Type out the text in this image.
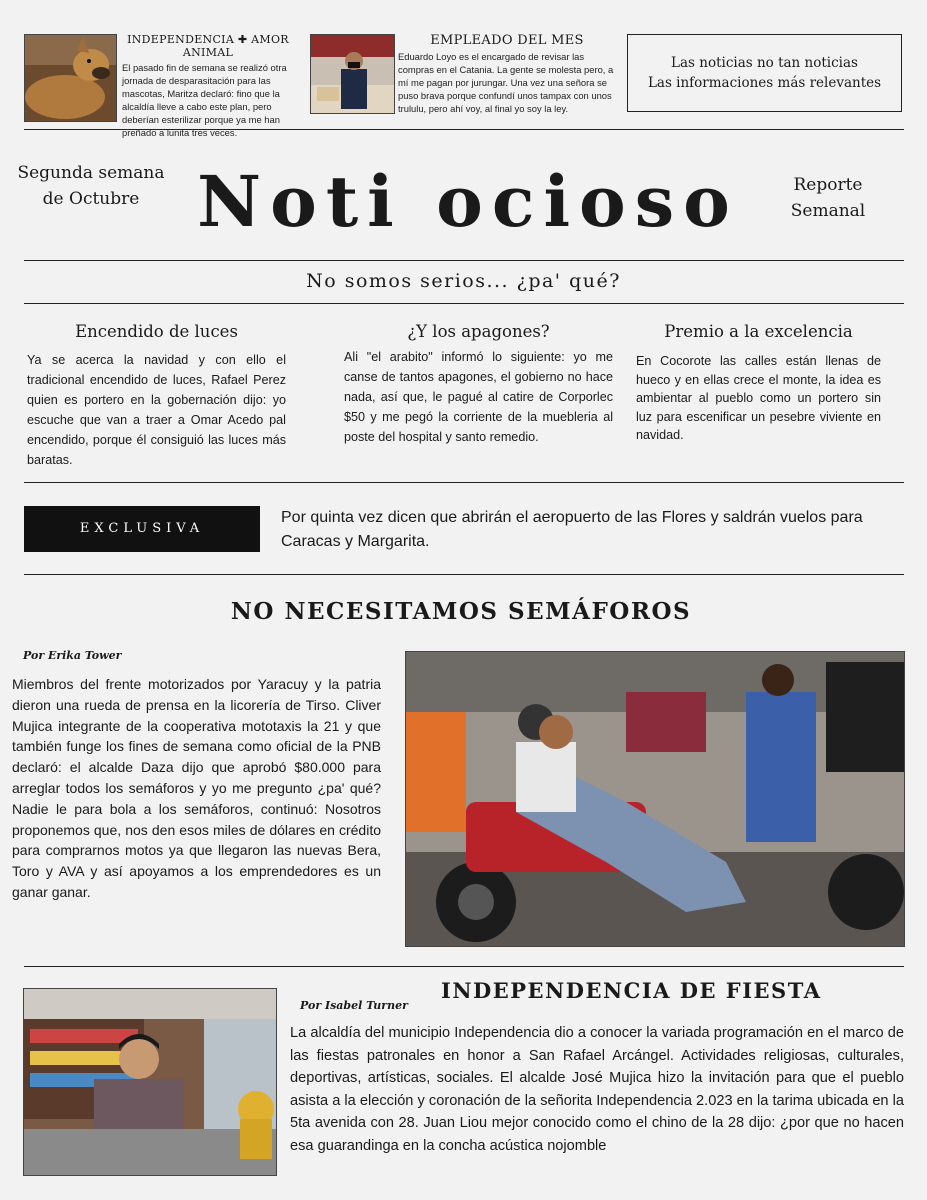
INDEPENDENCIA ✚ AMOR ANIMAL
El pasado fin de semana se realizó otra jornada de desparasitación para las mascotas, Maritza declaró: fino que la alcaldía lleve a cabo este plan, pero deberían esterilizar porque ya me han preñado a lunita tres veces.
EMPLEADO DEL MES
Eduardo Loyo es el encargado de revisar las compras en el Catania. La gente se molesta pero, a mí me pagan por jurungar. Una vez una señora se puso brava porque confundí unos tampax con unos trululu, pero ahí voy, al final yo soy la ley.
Las noticias no tan noticias
Las informaciones más relevantes
Segunda semana
de Octubre Noti ocioso	Reporte
Semanal
No somos serios... ¿pa' qué?
Encendido de luces
Ya se acerca la navidad y con ello el tradicional encendido de luces, Rafael Perez quien es portero en la gobernación dijo: yo escuche que van a traer a Omar Acedo pal encendido, porque él consiguió las luces más baratas.
¿Y los apagones?
Ali "el arabito" informó lo siguiente: yo me canse de tantos apagones, el gobierno no hace nada, así que, le pagué al catire de Corporlec $50 y me pegó la corriente de la muebleria al poste del hospital y santo remedio.
Premio a la excelencia
En Cocorote las calles están llenas de hueco y en ellas crece el monte, la idea es ambientar al pueblo como un portero sin luz para escenificar un pesebre viviente en navidad.
EXCLUSIVA
Por quinta vez dicen que abrirán el aeropuerto de las Flores y saldrán vuelos para Caracas y Margarita.
NO NECESITAMOS SEMÁFOROS
Por Erika Tower
Miembros del frente motorizados por Yaracuy y la patria dieron una rueda de prensa en la licorería de Tirso. Cliver Mujica integrante de la cooperativa mototaxis la 21 y que también funge los fines de semana como oficial de la PNB declaró: el alcalde Daza dijo que aprobó $80.000 para arreglar todos los semáforos y yo me pregunto ¿pa' qué? Nadie le para bola a los semáforos, continuó: Nosotros proponemos que, nos den esos miles de dólares en crédito para comprarnos motos ya que llegaron las nuevas Bera, Toro y AVA y así apoyamos a los emprendedores es un ganar ganar.
Por Isabel Turner
INDEPENDENCIA DE FIESTA
La alcaldía del municipio Independencia dio a conocer la variada programación en el marco de las fiestas patronales en honor a San Rafael Arcángel. Actividades religiosas, culturales, deportivas, artísticas, sociales. El alcalde José Mujica hizo la invitación para que el pueblo asista a la elección y coronación de la señorita Independencia 2.023 en la tarima ubicada en la 5ta avenida con 28. Juan Liou mejor conocido como el chino de la 28 dijo: ¿por que no hacen esa guarandinga en la concha acústica nojomble
